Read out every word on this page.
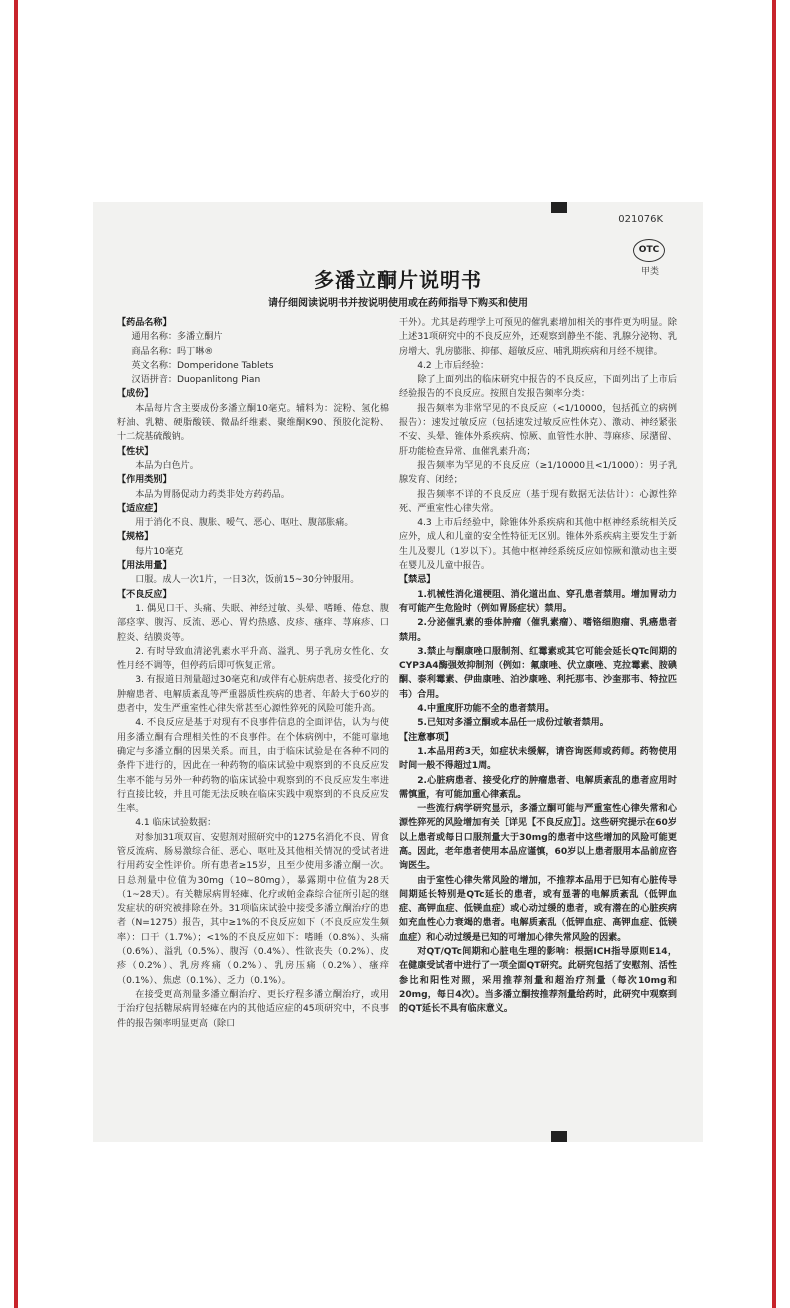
021076K
OTC
甲类
多潘立酮片说明书
请仔细阅读说明书并按说明使用或在药师指导下购买和使用

【药品名称】

通用名称：多潘立酮片

商品名称：吗丁啉®

英文名称：Domperidone Tablets

汉语拼音：Duopanlitong Pian

【成份】

本品每片含主要成份多潘立酮10毫克。辅料为：淀粉、氢化棉籽油、乳糖、硬脂酸镁、微晶纤维素、聚维酮K90、预胶化淀粉、十二烷基硫酸钠。

【性状】

本品为白色片。

【作用类别】

本品为胃肠促动力药类非处方药药品。

【适应症】

用于消化不良、腹胀、嗳气、恶心、呕吐、腹部胀痛。

【规格】

每片10毫克

【用法用量】

口服。成人一次1片，一日3次，饭前15~30分钟服用。

【不良反应】

1. 偶见口干、头痛、失眠、神经过敏、头晕、嗜睡、倦怠、腹部痉挛、腹泻、反流、恶心、胃灼热感、皮疹、瘙痒、荨麻疹、口腔炎、结膜炎等。

2. 有时导致血清泌乳素水平升高、溢乳、男子乳房女性化、女性月经不调等，但停药后即可恢复正常。

3. 有报道日剂量超过30毫克和/或伴有心脏病患者、接受化疗的肿瘤患者、电解质紊乱等严重器质性疾病的患者、年龄大于60岁的患者中，发生严重室性心律失常甚至心源性猝死的风险可能升高。

4. 不良反应是基于对现有不良事件信息的全面评估，认为与使用多潘立酮有合理相关性的不良事件。在个体病例中，不能可靠地确定与多潘立酮的因果关系。而且，由于临床试验是在各种不同的条件下进行的，因此在一种药物的临床试验中观察到的不良反应发生率不能与另外一种药物的临床试验中观察到的不良反应发生率进行直接比较，并且可能无法反映在临床实践中观察到的不良反应发生率。

4.1 临床试验数据：

对参加31项双盲、安慰剂对照研究中的1275名消化不良、胃食管反流病、肠易激综合征、恶心、呕吐及其他相关情况的受试者进行用药安全性评价。所有患者≥15岁，且至少使用多潘立酮一次。日总剂量中位值为30mg（10~80mg），暴露期中位值为28天（1~28天）。有关糖尿病胃轻瘫、化疗或帕金森综合征所引起的继发症状的研究被排除在外。31项临床试验中接受多潘立酮治疗的患者（N=1275）报告，其中≥1%的不良反应如下（不良反应发生频率）：口干（1.7%）；<1%的不良反应如下：嗜睡（0.8%）、头痛（0.6%）、溢乳（0.5%）、腹泻（0.4%）、性欲丧失（0.2%）、皮疹（0.2%）、乳房疼痛（0.2%）、乳房压痛（0.2%）、瘙痒（0.1%）、焦虑（0.1%）、乏力（0.1%）。

在接受更高剂量多潘立酮治疗、更长疗程多潘立酮治疗，或用于治疗包括糖尿病胃轻瘫在内的其他适应症的45项研究中，不良事件的报告频率明显更高（除口

干外）。尤其是药理学上可预见的催乳素增加相关的事件更为明显。除上述31项研究中的不良反应外，还观察到静坐不能、乳腺分泌物、乳房增大、乳房膨胀、抑郁、超敏反应、哺乳期疾病和月经不规律。

4.2 上市后经验：

除了上面列出的临床研究中报告的不良反应，下面列出了上市后经验报告的不良反应。按照自发报告频率分类：

报告频率为非常罕见的不良反应（<1/10000，包括孤立的病例报告）：速发过敏反应（包括速发过敏反应性休克）、激动、神经紧张不安、头晕、锥体外系疾病、惊厥、血管性水肿、荨麻疹、尿潴留、肝功能检查异常、血催乳素升高；

报告频率为罕见的不良反应（≥1/10000且<1/1000）：男子乳腺发育、闭经；

报告频率不详的不良反应（基于现有数据无法估计）：心源性猝死、严重室性心律失常。

4.3 上市后经验中，除锥体外系疾病和其他中枢神经系统相关反应外，成人和儿童的安全性特征无区别。锥体外系疾病主要发生于新生儿及婴儿（1岁以下）。其他中枢神经系统反应如惊厥和激动也主要在婴儿及儿童中报告。

【禁忌】

1.机械性消化道梗阻、消化道出血、穿孔患者禁用。增加胃动力有可能产生危险时（例如胃肠症状）禁用。

2.分泌催乳素的垂体肿瘤（催乳素瘤）、嗜铬细胞瘤、乳癌患者禁用。

3.禁止与酮康唑口服制剂、红霉素或其它可能会延长QTc间期的CYP3A4酶强效抑制剂（例如：氟康唑、伏立康唑、克拉霉素、胺碘酮、泰利霉素、伊曲康唑、泊沙康唑、利托那韦、沙奎那韦、特拉匹韦）合用。

4.中重度肝功能不全的患者禁用。

5.已知对多潘立酮或本品任一成份过敏者禁用。

【注意事项】

1.本品用药3天，如症状未缓解，请咨询医师或药师。药物使用时间一般不得超过1周。

2.心脏病患者、接受化疗的肿瘤患者、电解质紊乱的患者应用时需慎重，有可能加重心律紊乱。

一些流行病学研究显示，多潘立酮可能与严重室性心律失常和心源性猝死的风险增加有关［详见【不良反应】］。这些研究提示在60岁以上患者或每日口服剂量大于30mg的患者中这些增加的风险可能更高。因此，老年患者使用本品应谨慎，60岁以上患者服用本品前应咨询医生。

由于室性心律失常风险的增加，不推荐本品用于已知有心脏传导间期延长特别是QTc延长的患者，或有显著的电解质紊乱（低钾血症、高钾血症、低镁血症）或心动过缓的患者，或有潜在的心脏疾病如充血性心力衰竭的患者。电解质紊乱（低钾血症、高钾血症、低镁血症）和心动过缓是已知的可增加心律失常风险的因素。

对QT/QTc间期和心脏电生理的影响：根据ICH指导原则E14，在健康受试者中进行了一项全面QT研究。此研究包括了安慰剂、活性参比和阳性对照，采用推荐剂量和超治疗剂量（每次10mg和20mg，每日4次）。当多潘立酮按推荐剂量给药时，此研究中观察到的QT延长不具有临床意义。
